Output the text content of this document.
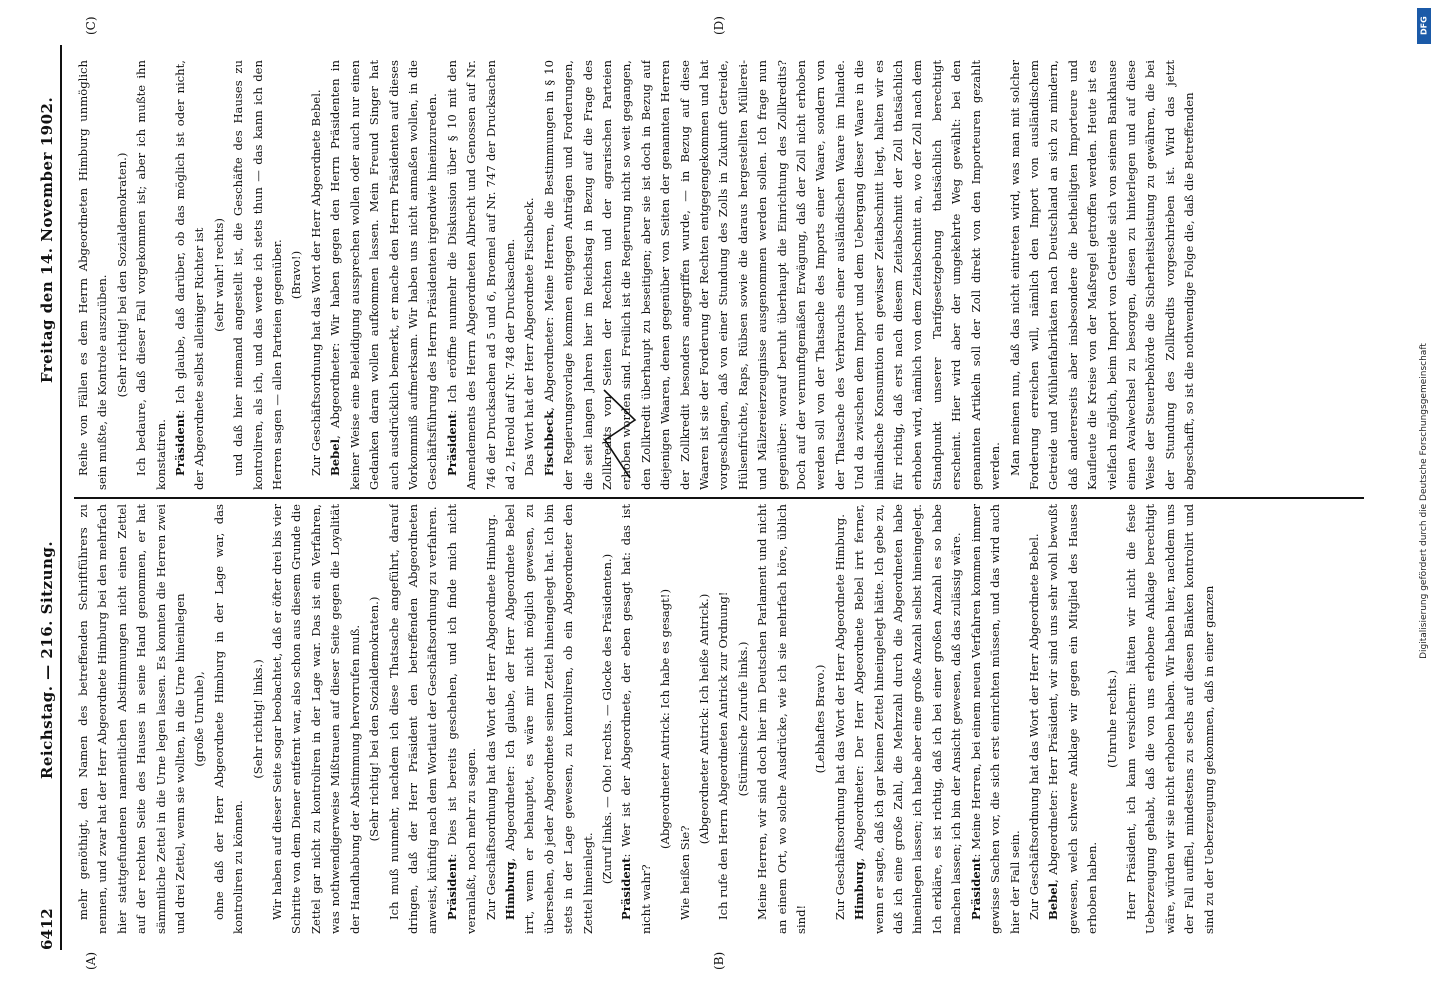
6412
Reichstag. — 216. Sitzung.
Freitag den 14. November 1902.
(A)	(B)
(C)	(D)

mehr genöthigt, den Namen des betreffenden Schriftführers zu nennen, und zwar hat der Herr Abgeordnete Himburg bei den mehrfach hier stattgefundenen namentlichen Abstimmungen nicht einen Zettel auf der rechten Seite des Hauses in seine Hand genommen, er hat sämmtliche Zettel in die Urne legen lassen. Es konnten die Herren zwei und drei Zettel, wenn sie wollten, in die Urne hineinlegen (große Unruhe), ohne daß der Herr Abgeordnete Himburg in der Lage war, das kontroliren zu können.

(Sehr richtig! links.) Wir haben auf dieser Seite sogar beobachtet, daß er öfter drei bis vier Schritte von dem Diener entfernt war, also schon aus diesem Grunde die Zettel gar nicht zu kontroliren in der Lage war. Das ist ein Verfahren, was nothwendigerweise Mißtrauen auf dieser Seite gegen die Loyalität der Handhabung der Abstimmung hervorrufen muß. (Sehr richtig! bei den Sozialdemokraten.) Ich muß nunmehr, nachdem ich diese Thatsache angeführt, darauf dringen, daß der Herr Präsident den betreffenden Abgeordneten anweist, künftig nach dem Wortlaut der Geschäftsordnung zu verfahren. Präsident: Dies ist bereits geschehen, und ich finde mich nicht veranlaßt, noch mehr zu sagen. Zur Geschäftsordnung hat das Wort der Herr Abgeordnete Himburg. Himburg, Abgeordneter: Ich glaube, der Herr Abgeordnete Bebel irrt, wenn er behauptet, es wäre mir nicht möglich gewesen, zu übersehen, ob jeder Abgeordnete seinen Zettel hineingelegt hat. Ich bin stets in der Lage gewesen, zu kontroliren, ob ein Abgeordneter den Zettel hineinlegt. (Zuruf links. — Oho! rechts. — Glocke des Präsidenten.)

Präsident: Wer ist der Abgeordnete, der eben gesagt hat: das ist nicht wahr?

(Abgeordneter Antrick: Ich habe es gesagt!)

Wie heißen Sie?

(Abgeordneter Antrick: Ich heiße Antrick.) Ich rufe den Herrn Abgeordneten Antrick zur Ordnung! (Stürmische Zurufe links.) Meine Herren, wir sind doch hier im Deutschen Parlament und nicht an einem Ort, wo solche Ausdrücke, wie ich sie mehrfach höre, üblich sind!

(Lebhaftes Bravo.) Zur Geschäftsordnung hat das Wort der Herr Abgeordnete Himburg. Himburg, Abgeordneter: Der Herr Abgeordnete Bebel irrt ferner, wenn er sagte, daß ich gar keinen Zettel hineingelegt hätte. Ich gebe zu, daß ich eine große Zahl, die Mehrzahl durch die Abgeordneten habe hineinlegen lassen; ich habe aber eine große Anzahl selbst hineingelegt. Ich erkläre, es ist richtig, daß ich bei einer großen Anzahl es so habe machen lassen; ich bin der Ansicht gewesen, daß das zulässig wäre. Präsident: Meine Herren, bei einem neuen Verfahren kommen immer gewisse Sachen vor, die sich erst einrichten müssen, und das wird auch hier der Fall sein. Zur Geschäftsordnung hat das Wort der Herr Abgeordnete Bebel. Bebel, Abgeordneter: Herr Präsident, wir sind uns sehr wohl bewußt gewesen, welch schwere Anklage wir gegen ein Mitglied des Hauses erhoben haben.

(Unruhe rechts.) Herr Präsident, ich kann versichern: hätten wir nicht die feste Ueberzeugung gehabt, daß die von uns erhobene Anklage berechtigt wäre, würden wir sie nicht erhoben haben. Wir haben hier, nachdem uns der Fall auffiel, mindestens zu sechs auf diesen Bänken kontrolirt und sind zu der Ueberzeugung gekommen, daß in einer ganzen

Reihe von Fällen es dem Herrn Abgeordneten Himburg unmöglich sein mußte, die Kontrole auszuüben. (Sehr richtig! bei den Sozialdemokraten.) Ich bedaure, daß dieser Fall vorgekommen ist; aber ich mußte ihn konstatiren. Präsident: Ich glaube, daß darüber, ob das möglich ist oder nicht, der Abgeordnete selbst alleiniger Richter ist (sehr wahr! rechts) und daß hier niemand angestellt ist, die Geschäfte des Hauses zu kontroliren, als ich, und das werde ich stets thun — das kann ich den Herren sagen — allen Parteien gegenüber. (Bravo!) Zur Geschäftsordnung hat das Wort der Herr Abgeordnete Bebel. Bebel, Abgeordneter: Wir haben gegen den Herrn Präsidenten in keiner Weise eine Beleidigung aussprechen wollen oder auch nur einen Gedanken daran wollen aufkommen lassen. Mein Freund Singer hat auch ausdrücklich bemerkt, er mache den Herrn Präsidenten auf dieses Vorkommniß aufmerksam. Wir haben uns nicht anmaßen wollen, in die Geschäftsführung des Herrn Präsidenten irgendwie hineinzureden. Präsident: Ich eröffne nunmehr die Diskussion über § 10 mit den Amendements des Herrn Abgeordneten Albrecht und Genossen auf Nr. 746 der Drucksachen ad 5 und 6, Broemel auf Nr. 747 der Drucksachen ad 2, Herold auf Nr. 748 der Drucksachen. Das Wort hat der Herr Abgeordnete Fischbeck. Fischbeck, Abgeordneter: Meine Herren, die Bestimmungen in § 10 der Regierungsvorlage kommen entgegen Anträgen und Forderungen, die seit langen Jahren hier im Reichstag in Bezug auf die Frage des Zollkredits von Seiten der Rechten und der agrarischen Parteien erhoben worden sind. Freilich ist die Regierung nicht so weit gegangen, den Zollkredit überhaupt zu beseitigen; aber sie ist doch in Bezug auf diejenigen Waaren, denen gegenüber von Seiten der genannten Herren der Zollkredit besonders angegriffen wurde, — in Bezug auf diese Waaren ist sie der Forderung der Rechten entgegengekommen und hat vorgeschlagen, daß von einer Stundung des Zolls in Zukunft Getreide, Hülsenfrüchte, Raps, Rübsen sowie die daraus hergestellten Müllerei- und Mälzereierzeugnisse ausgenommen werden sollen. Ich frage nun gegenüber: worauf beruht überhaupt die Einrichtung des Zollkredits? Doch auf der vernunftgemäßen Erwägung, daß der Zoll nicht erhoben werden soll von der Thatsache des Imports einer Waare, sondern von der Thatsache des Verbrauchs einer ausländischen Waare im Inlande. Und da zwischen dem Import und dem Uebergang dieser Waare in die inländische Konsumtion ein gewisser Zeitabschnitt liegt, halten wir es für richtig, daß erst nach diesem Zeitabschnitt der Zoll thatsächlich erhoben wird, nämlich von dem Zeitabschnitt an, wo der Zoll nach dem Standpunkt unserer Tarifgesetzgebung thatsächlich berechtigt erscheint. Hier wird aber der umgekehrte Weg gewählt: bei den genannten Artikeln soll der Zoll direkt von den Importeuren gezahlt werden. Man meinen nun, daß das nicht eintreten wird, was man mit solcher Forderung erreichen will, nämlich den Import von ausländischem Getreide und Mühlenfabrikaten nach Deutschland an sich zu mindern, daß andererseits aber insbesondere die betheiligten Importeure und Kaufleute die Kreise von der Maßregel getroffen werden. Heute ist es vielfach möglich, beim Import von Getreide sich von seinem Bankhause einen Avalwechsel zu besorgen, diesen zu hinterlegen und auf diese Weise der Steuerbehörde die Sicherheitsleistung zu gewähren, die bei der Stundung des Zollkredits vorgeschrieben ist. Wird das jetzt abgeschafft, so ist die nothwendige Folge die, daß die Betreffenden

DFG
Digitalisierung gefördert durch die Deutsche Forschungsgemeinschaft
